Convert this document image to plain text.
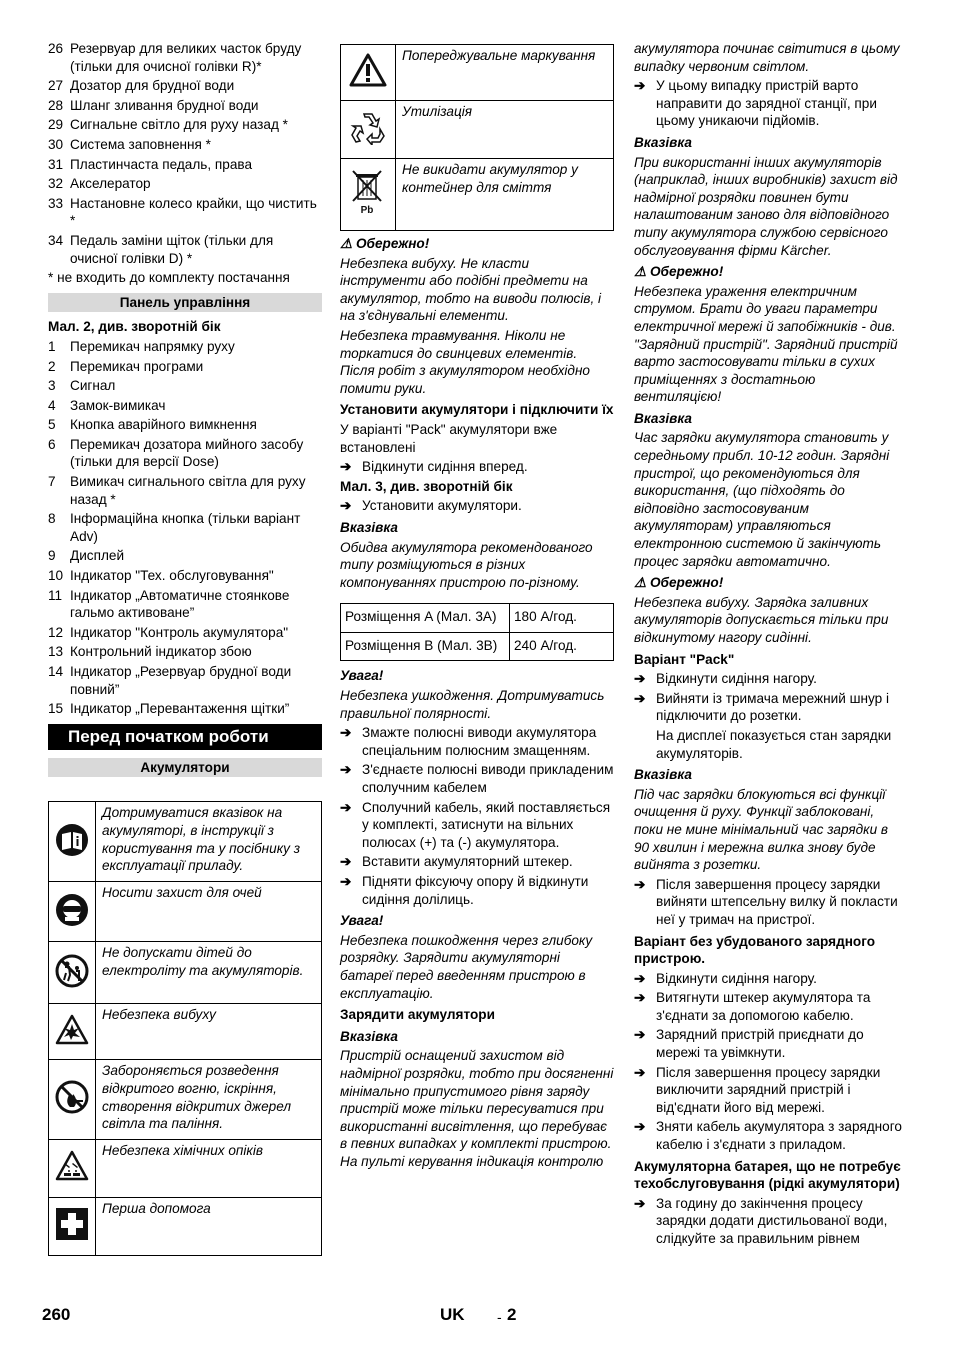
26 Резервуар для великих часток бруду (тільки для очисної голівки R)*
27 Дозатор для брудної води
28 Шланг зливання брудної води
29 Сигнальне світло для руху назад *
30 Система заповнення *
31 Пластинчаста педаль, права
32 Акселератор
33 Настановне колесо крайки, що чистить *
34 Педаль заміни щіток (тільки для очисної голівки D) *
* не входить до комплекту постачання
Панель управління
Мал. 2, див. зворотній бік
1	Перемикач напрямку руху
2	Перемикач програми
3	Сигнал
4	Замок-вимикач
5	Кнопка аварійного вимкнення
6	Перемикач дозатора мийного засобу (тільки для версії Dose)
7	Вимикач сигнального світла для руху назад *
8	Інформаційна кнопка (тільки варіант Adv)
9	Дисплей
10 Індикатор "Тех. обслуговування"
11 Індикатор „Автоматичне стоянкове гальмо активоване”
12 Індикатор "Контроль акумулятора"
13 Контрольний індикатор збою
14 Індикатор „Резервуар брудної води повний”
15 Індикатор „Перевантаження щітки”
Перед початком роботи
Акумулятори
	Дотримуватися вказівок на акумуляторі, в інструкції з користування та у посібнику з експлуатації приладу.
	Носити захист для очей
	Не допускати дітей до електроліту та акумуляторів.
	Небезпека вибуху
	Забороняється розведення відкритого вогню, іскріння, створення відкритих джерел світла та паління.
	Небезпека хімічних опіків
	Перша допомога
	Попереджувальне маркування
	Утилізація

Pb	Не викидати акумулятор у контейнер для сміття
⚠ Обережно!
Небезпека вибуху. Не класти інструменти або подібні предмети на акумулятор, тобто на виводи полюсів, і на з'єднувальні елементи.
Небезпека травмування. Ніколи не торкатися до свинцевих елементів. Після робіт з акумулятором необхідно помити руки.
Установити акумулятори і підключити їх
У варіанті "Pack" акумулятори вже встановлені
➔ Відкинути сидіння вперед.
Мал. 3, див. зворотній бік
➔ Установити акумулятори.
Вказівка
Обидва акумулятора рекомендованого типу розміщуються в різних компонуваннях пристрою по-різному.
Розміщення A (Мал. 3A)	180 А/год.
Розміщення B (Мал. 3B)	240 А/год.
Увага!
Небезпека ушкодження. Дотримуватись правильної полярності.
➔ Змажте полюсні виводи акумулятора спеціальним полюсним змащенням.
➔ З'єднаєте полюсні виводи прикладеним сполучним кабелем
➔ Сполучний кабель, який поставляється у комплекті, затиснути на вільних полюсах (+) та (-) акумулятора.
➔ Вставити акумуляторний штекер.
➔ Підняти фіксуючу опору й відкинути сидіння долілиць.
Увага!
Небезпека пошкодження через глибоку розрядку. Зарядити акумуляторні батареї перед введенням пристрою в експлуатацію.
Зарядити акумулятори
Вказівка
Пристрій оснащений захистом від надмірної розрядки, тобто при досягненні мінімально припустимого рівня заряду пристрій може тільки пересуватися при використанні висвітлення, що перебуває в певних випадках у комплекті пристрою. На пульті керування індикація контролю
акумулятора починає світитися в цьому випадку червоним світлом.
➔ У цьому випадку пристрій варто направити до зарядної станції, при цьому уникаючи підйомів.
Вказівка
При використанні інших акумуляторів (наприклад, інших виробників) захист від надмірної розрядки повинен бути налаштованим заново для відповідного типу акумулятора службою сервісного обслуговування фірми Kärcher.
⚠ Обережно!
Небезпека ураження електричним струмом. Брати до уваги параметри електричної мережі й запобіжників - див. "Зарядний пристрій". Зарядний пристрій варто застосовувати тільки в сухих приміщеннях з достатньою вентиляцією!
Вказівка
Час зарядки акумулятора становить у середньому прибл. 10-12 годин. Зарядні пристрої, що рекомендуються для використання, (що підходять до відповідно застосовуваним акумуляторам) управляються електронною системою й закінчують процес зарядки автоматично.
⚠ Обережно!
Небезпека вибуху. Зарядка заливних акумуляторів допускається тільки при відкинутому нагору сидінні.
Варіант "Pack"
➔ Відкинути сидіння нагору.
➔ Вийняти із тримача мережний шнур і підключити до розетки.
На дисплеї показується стан зарядки акумуляторів.
Вказівка
Під час зарядки блокуються всі функції очищення й руху. Функції заблоковані, поки не мине мінімальний час зарядки в 90 хвилин і мережна вилка знову буде вийнята з розетки.
➔ Після завершення процесу зарядки вийняти штепсельну вилку й покласти неї у тримач на пристрої.
Варіант без убудованого зарядного пристрою.
➔ Відкинути сидіння нагору.
➔ Витягнути штекер акумулятора та з'єднати за допомогою кабелю.
➔ Зарядний пристрій приєднати до мережі та увімкнути.
➔ Після завершення процесу зарядки виключити зарядний пристрій і від'єднати його від мережі.
➔ Зняти кабель акумулятора з зарядного кабелю і з'єднати з приладом.
Акумуляторна батарея, що не потребує техобслуговування (рідкі акумулятори)
➔ За годину до закінчення процесу зарядки додати дистильованої води, слідкуйте за правильним рівнем
260	UK - 2
